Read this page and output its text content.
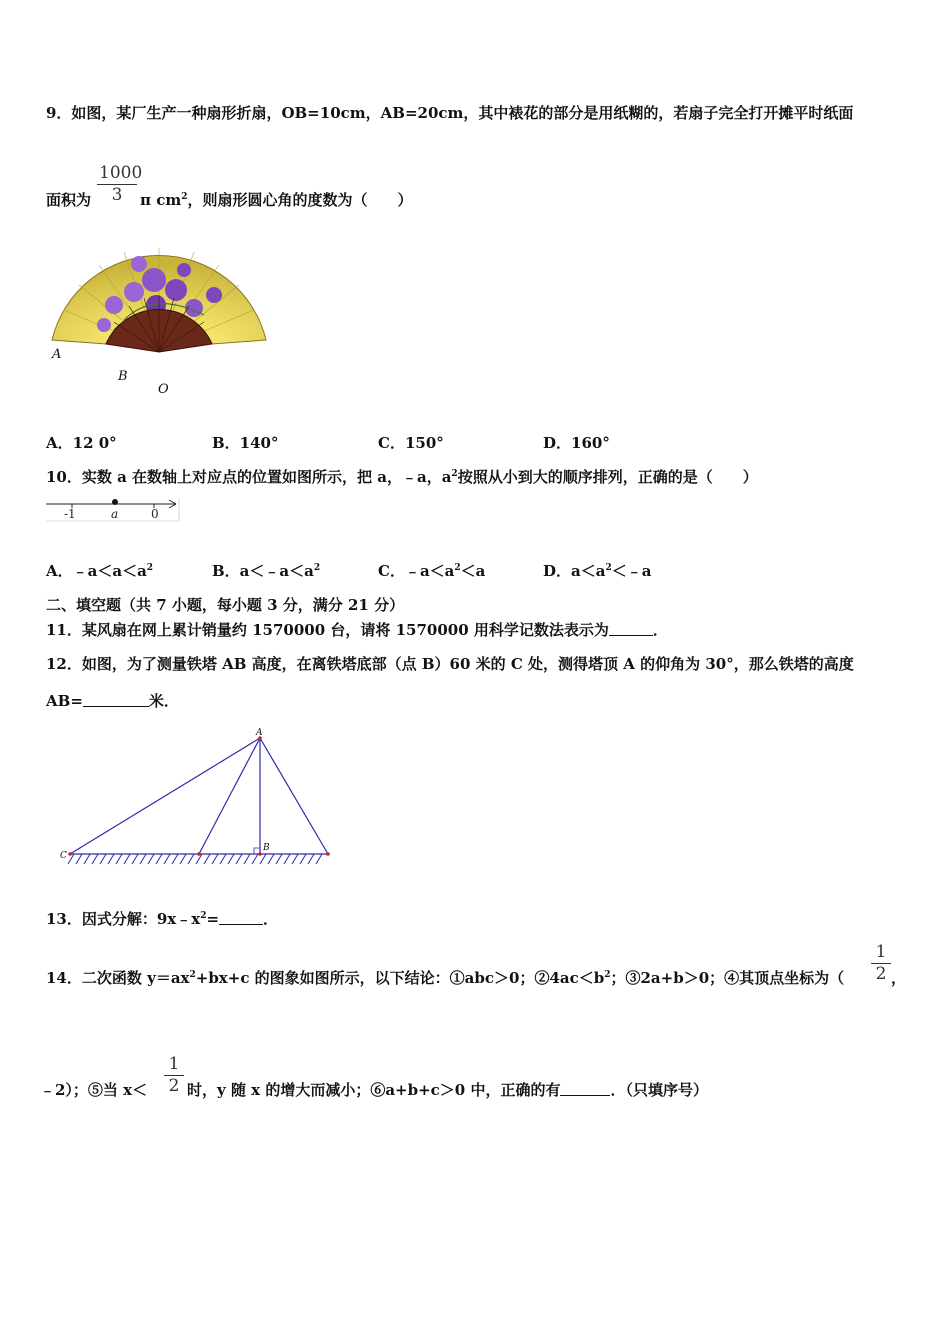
9．如图，某厂生产一种扇形折扇，OB=10cm，AB=20cm，其中裱花的部分是用纸糊的，若扇子完全打开摊平时纸面
1000
3
面积为	π $cm^2$，则扇形圆心角的度数为（　　）
A
B
O
A．12 0°	B．140°	C．150°	D．160°
10．实数 a 在数轴上对应点的位置如图所示，把 a，﹣a，$a^2$按照从小到大的顺序排列，正确的是（　　）
-1	a	0
A．$﹣a<a<a^2$	B．$a<﹣a<a^2$	C．$﹣a<a^2<a$	D．$a<a^2<﹣a$
二、填空题（共 7 小题，每小题 3 分，满分 21 分）
11．某风扇在网上累计销量约 1570000 台，请将 1570000 用科学记数法表示为	．
12．如图，为了测量铁塔 AB 高度，在离铁塔底部（点 B）60 米的 C 处，测得塔顶 A 的仰角为 30°，那么铁塔的高度
AB=	米．
A
B
C
13．因式分解：$9x﹣x^2=$	．
14．二次函数 $y=ax^2+bx+c$ 的图象如图所示，以下结论：①abc＞0；$②4ac<b^2$；③2a+b＞0；④其顶点坐标为（
1
2 ，
﹣2）；⑤当 x＜
1
2 时，y 随 x 的增大而减小；⑥a+b+c＞0 中，正确的有	．（只填序号）
